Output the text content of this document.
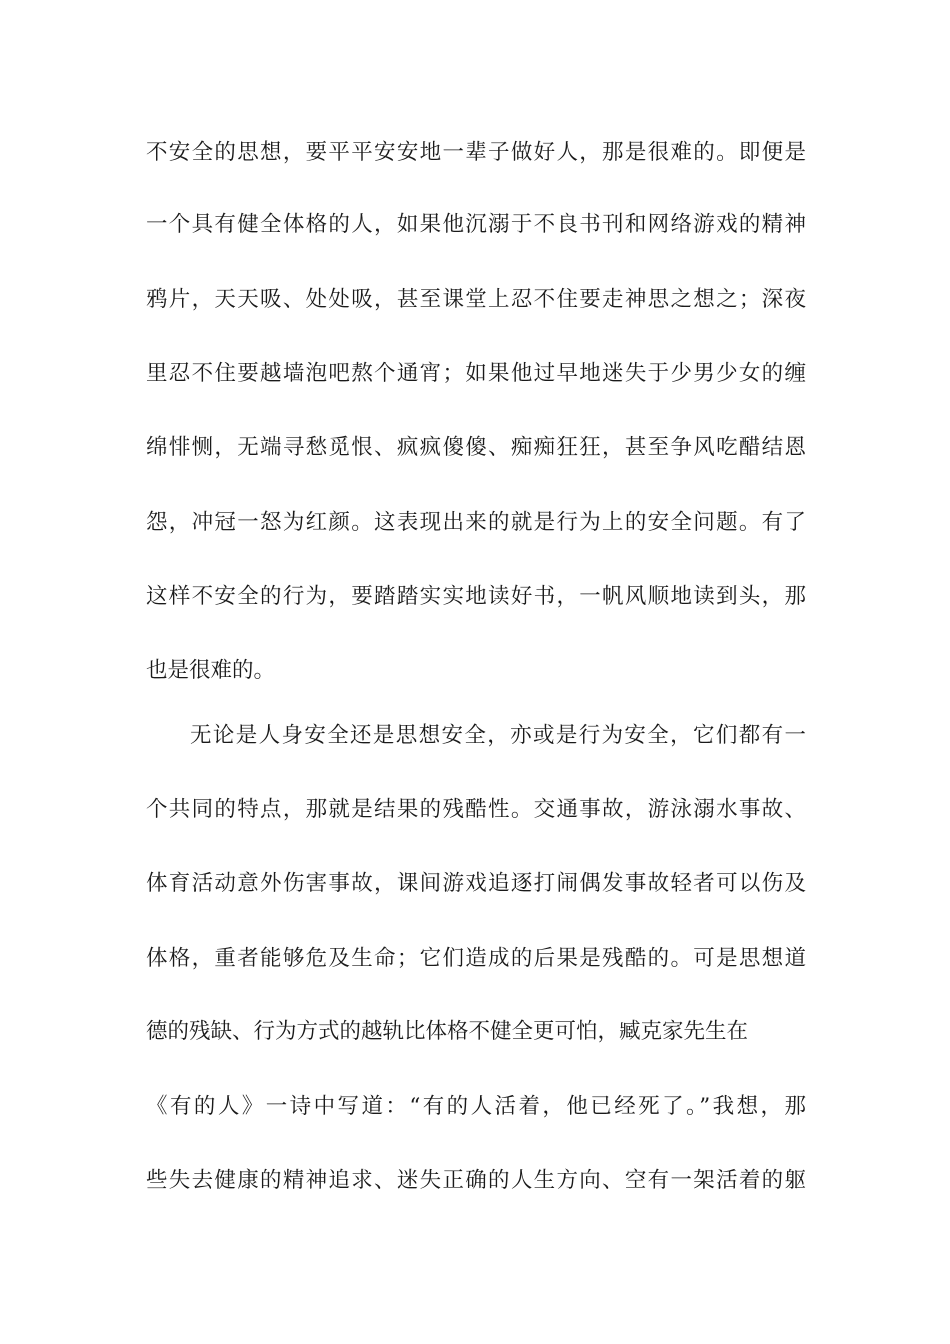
不安全的思想，要平平安安地一辈子做好人，那是很难的。即便是
一个具有健全体格的人，如果他沉溺于不良书刊和网络游戏的精神
鸦片，天天吸、处处吸，甚至课堂上忍不住要走神思之想之；深夜
里忍不住要越墙泡吧熬个通宵；如果他过早地迷失于少男少女的缠
绵悱恻，无端寻愁觅恨、疯疯傻傻、痴痴狂狂，甚至争风吃醋结恩
怨，冲冠一怒为红颜。这表现出来的就是行为上的安全问题。有了
这样不安全的行为，要踏踏实实地读好书，一帆风顺地读到头，那
也是很难的。
无论是人身安全还是思想安全，亦或是行为安全，它们都有一
个共同的特点，那就是结果的残酷性。交通事故，游泳溺水事故、
体育活动意外伤害事故，课间游戏追逐打闹偶发事故轻者可以伤及
体格，重者能够危及生命；它们造成的后果是残酷的。可是思想道
德的残缺、行为方式的越轨比体格不健全更可怕，臧克家先生在
《有的人》一诗中写道：“有的人活着，他已经死了。”我想，那
些失去健康的精神追求、迷失正确的人生方向、空有一架活着的躯
